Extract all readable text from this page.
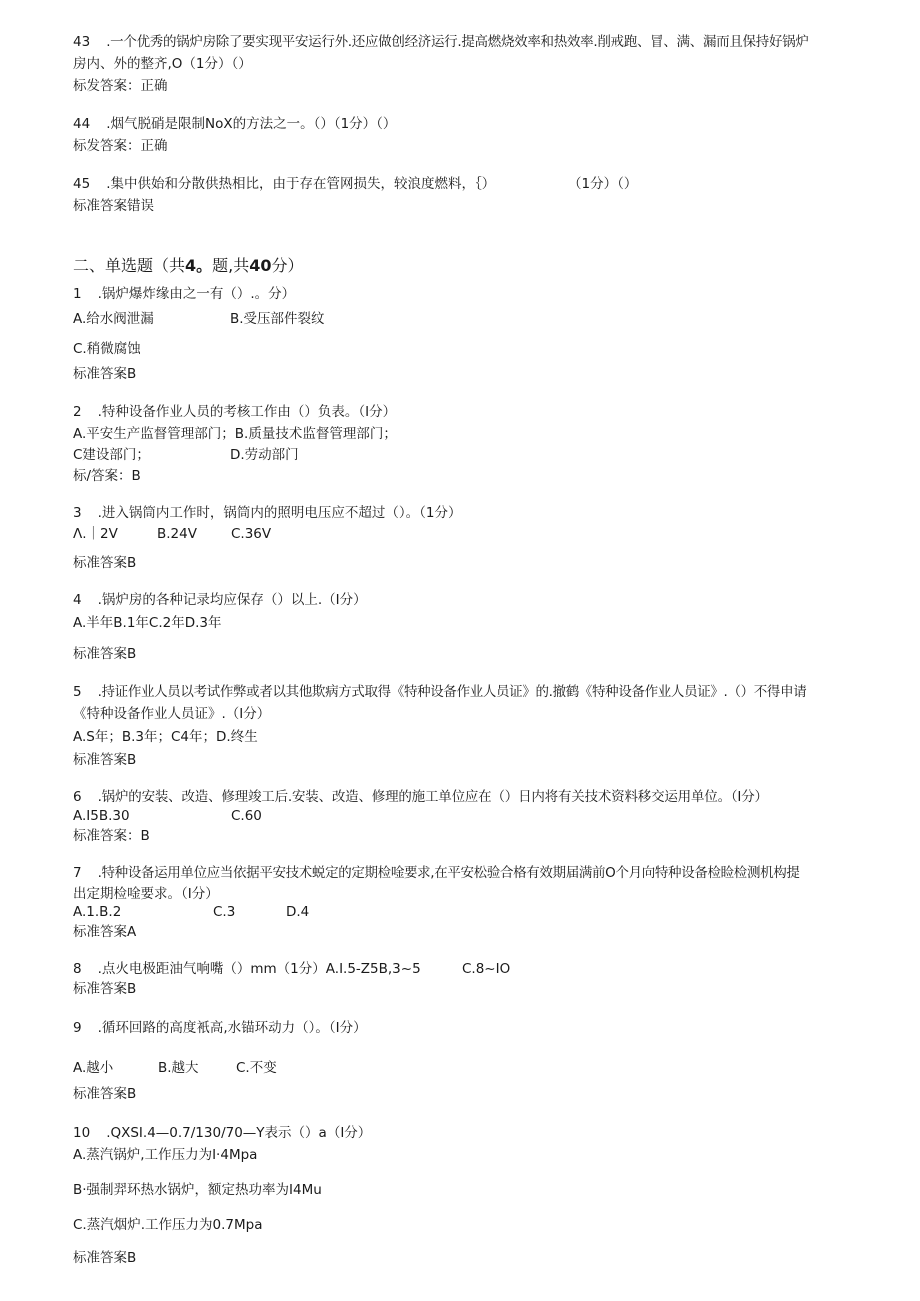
43 .一个优秀的锅炉房除了要实现平安运行外.还应做创经济运行.提高燃烧效率和热效率.削戒跑、冒、满、漏而且保持好锅炉
房内、外的整齐,O（1分）（）
标发答案：正确
44 .烟气脱硝是限制NoX的方法之一。（）（1分）（）
标发答案：正确
45 .集中供始和分散供热相比，由于存在管网损失，较浪度燃料，｛）	（1分）（）
标准答案错误
二、单选题（共4。题,共40分）
1 .锅炉爆炸缘由之一有（）.。分）
A.给水阀泄漏	B.受压部件裂纹
C.稍微腐蚀
标准答案B
2 .特种设备作业人员的考核工作由（）负表。（I分）
A.平安生产监督管理部门；B.质量技术监督管理部门；
C建设部门；	D.劳动部门
标/答案：B
3 .进入锅筒内工作时，锅筒内的照明电压应不超过（）。（1分）
Λ.｜2V	B.24V	C.36V
标准答案B
4 .锅炉房的各种记录均应保存（）以上.（I分）
A.半年B.1年C.2年D.3年
标准答案B
5 .持证作业人员以考试作弊或者以其他欺病方式取得《特种设备作业人员证》的.撤鹤《特种设备作业人员证》.（）不得申请
《特种设备作业人员证》.（I分）
A.S年；B.3年；C4年；D.终生
标准答案B
6 .锅炉的安装、改造、修理竣工后.安装、改造、修理的施工单位应在（）日内将有关技术资料移交运用单位。（I分）
A.I5B.30	C.60
标准答案：B
7 .特种设备运用单位应当依据平安技术蜕定的定期检唫要求,在平安松验合格有效期届满前O个月向特种设备检睑检测机构提
出定期检唫要求。（I分）
A.1.B.2	C.3	D.4
标准答案A
8 .点火电极距油气响嘴（）mm（1分）A.I.5-Z5B,3~5	C.8~IO
标准答案B
9 .循环回路的高度衹高,水锚环动力（）。（I分）
A.越小	B.越大	C.不变
标准答案B
10 .QXSI.4—0.7/130/70—Y表示（）a（I分）
A.蒸汽锅炉,工作压力为I·4Mpa
B·强制羿环热水锅炉，额定热功率为I4Mu
C.蒸汽烟炉.工作压力为0.7Mpa
标准答案B
